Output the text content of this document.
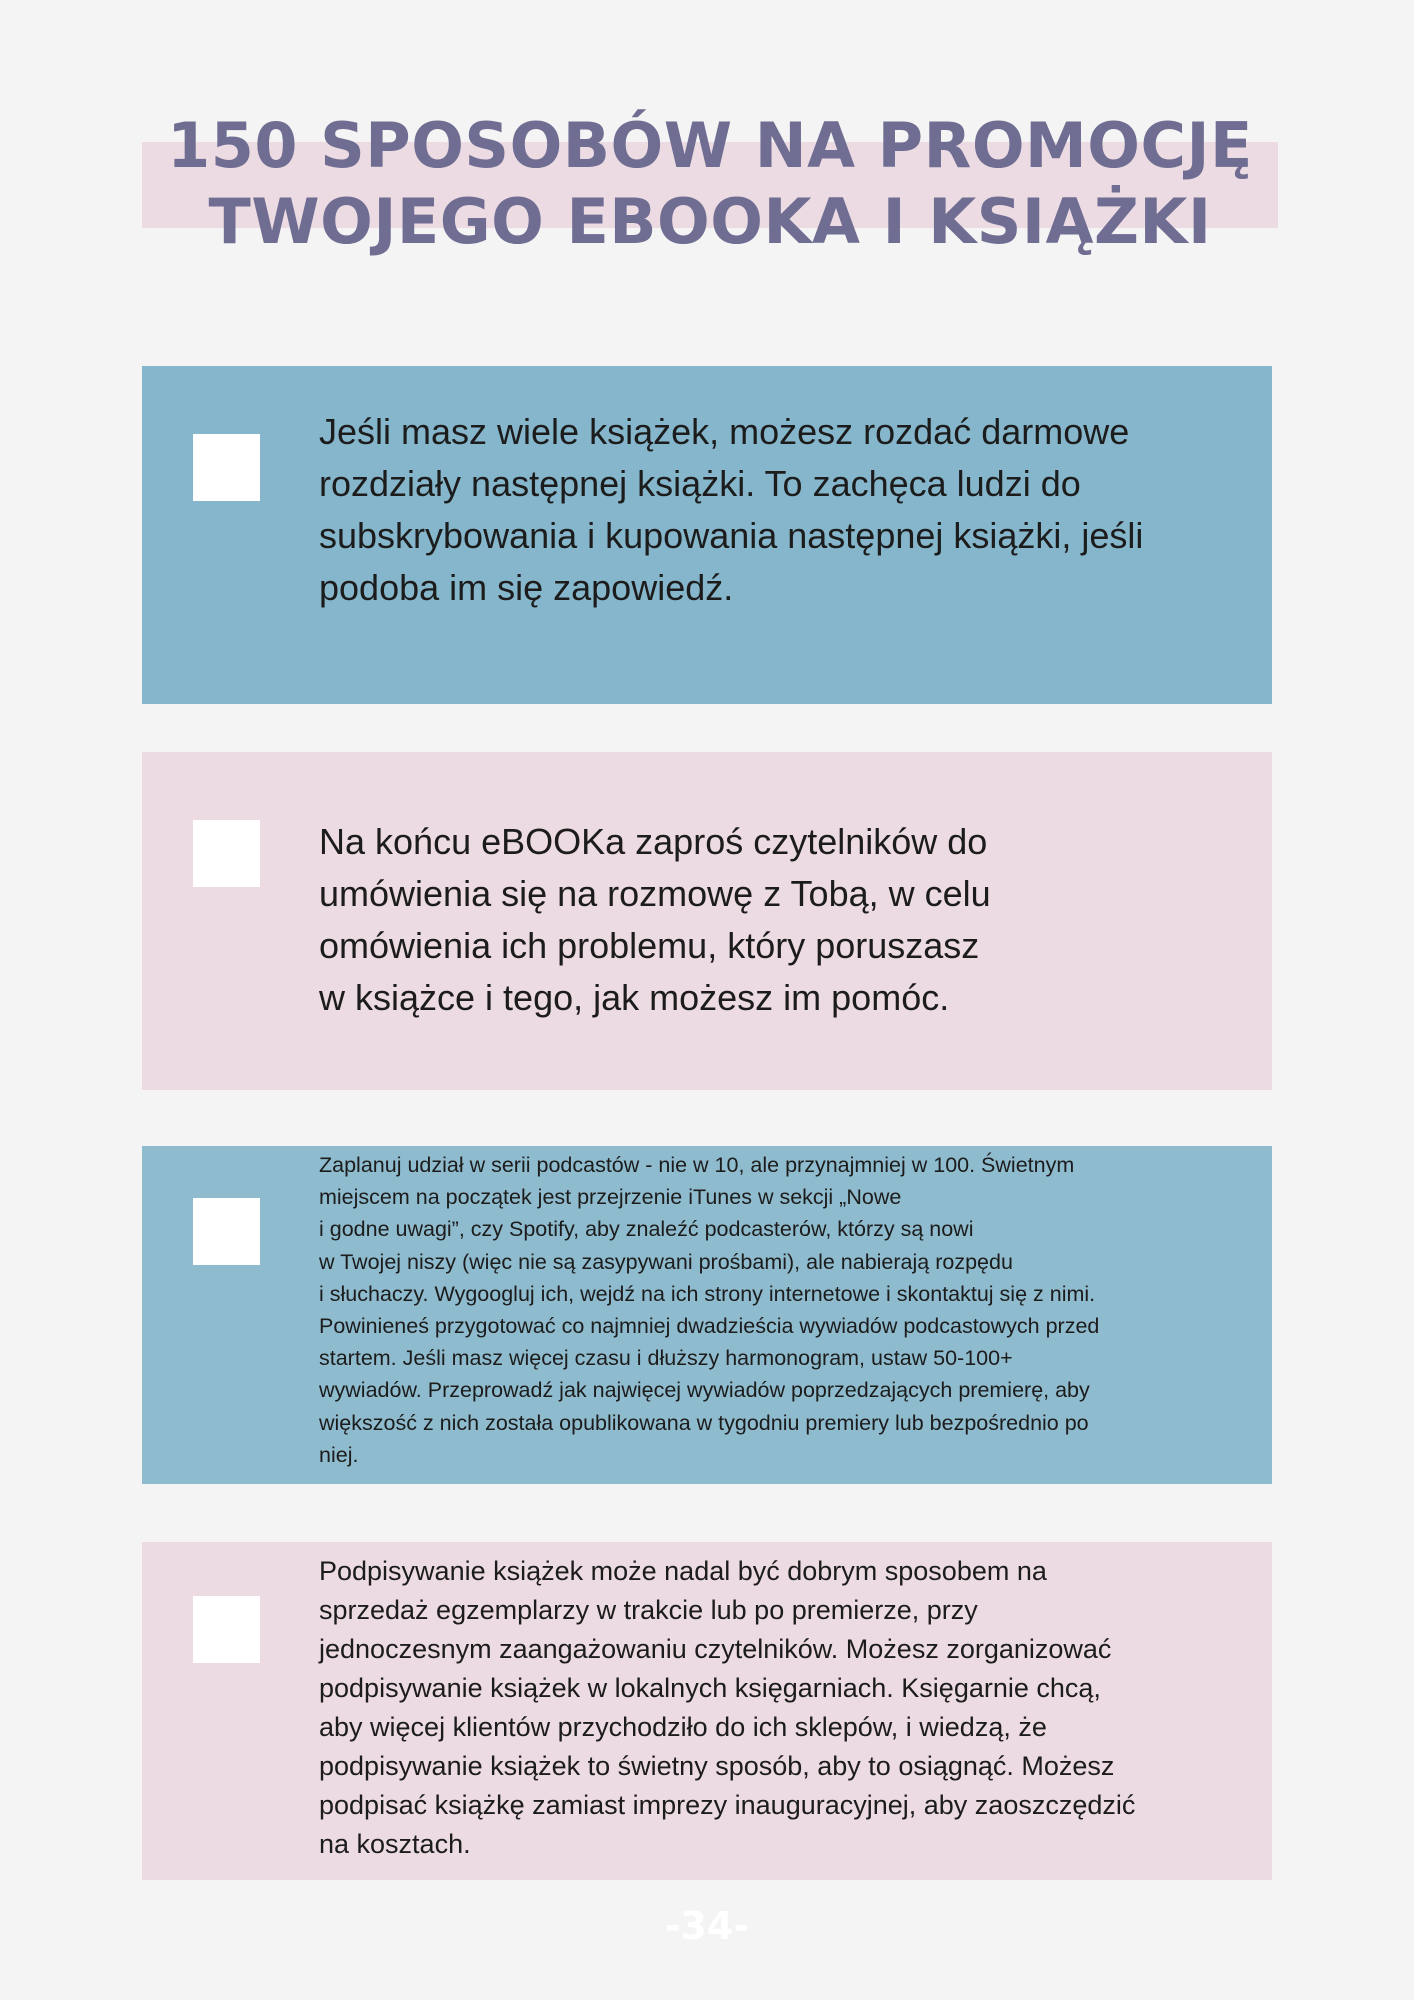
150 SPOSOBÓW NA PROMOCJĘ
TWOJEGO EBOOKA I KSIĄŻKI

Jeśli masz wiele książek, możesz rozdać darmowe
rozdziały następnej książki. To zachęca ludzi do
subskrybowania i kupowania następnej książki, jeśli
podoba im się zapowiedź.

Na końcu eBOOKa zaproś czytelników do
umówienia się na rozmowę z Tobą, w celu
omówienia ich problemu, który poruszasz
w książce i tego, jak możesz im pomóc.

Zaplanuj udział w serii podcastów - nie w 10, ale przynajmniej w 100. Świetnym
miejscem na początek jest przejrzenie iTunes w sekcji „Nowe
i godne uwagi”, czy Spotify, aby znaleźć podcasterów, którzy są nowi
w Twojej niszy (więc nie są zasypywani prośbami), ale nabierają rozpędu
i słuchaczy. Wygoogluj ich, wejdź na ich strony internetowe i skontaktuj się z nimi.
Powinieneś przygotować co najmniej dwadzieścia wywiadów podcastowych przed
startem. Jeśli masz więcej czasu i dłuższy harmonogram, ustaw 50-100+
wywiadów. Przeprowadź jak najwięcej wywiadów poprzedzających premierę, aby
większość z nich została opublikowana w tygodniu premiery lub bezpośrednio po
niej.

Podpisywanie książek może nadal być dobrym sposobem na
sprzedaż egzemplarzy w trakcie lub po premierze, przy
jednoczesnym zaangażowaniu czytelników. Możesz zorganizować
podpisywanie książek w lokalnych księgarniach. Księgarnie chcą,
aby więcej klientów przychodziło do ich sklepów, i wiedzą, że
podpisywanie książek to świetny sposób, aby to osiągnąć. Możesz
podpisać książkę zamiast imprezy inauguracyjnej, aby zaoszczędzić
na kosztach.

-34-
